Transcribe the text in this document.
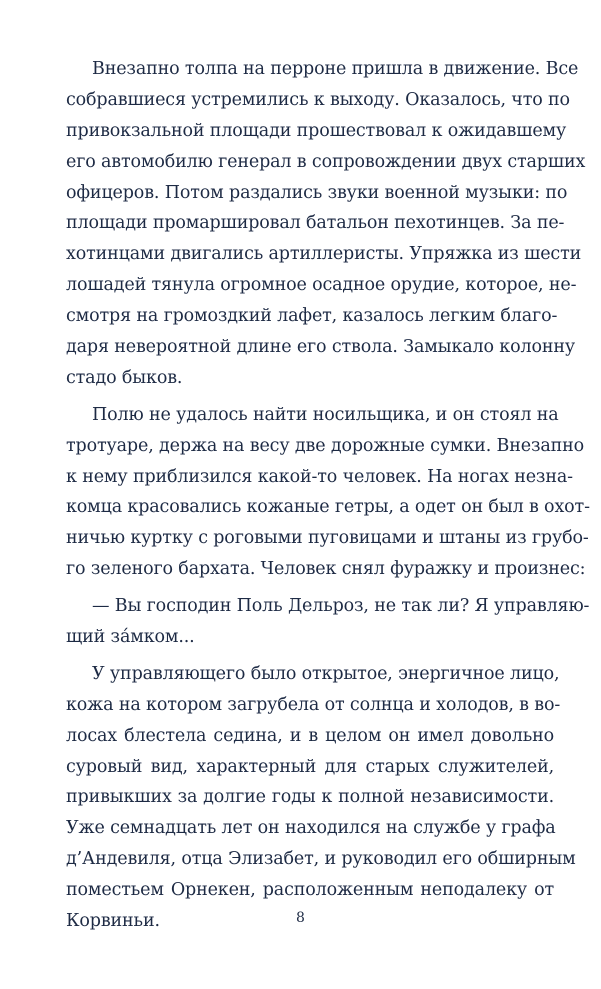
Внезапно толпа на перроне пришла в движение. Все
собравшиеся устремились к выходу. Оказалось, что по
привокзальной площади прошествовал к ожидавшему
его автомобилю генерал в сопровождении двух старших
офицеров. Потом раздались звуки военной музыки: по
площади промаршировал батальон пехотинцев. За пе-
хотинцами двигались артиллеристы. Упряжка из шести
лошадей тянула огромное осадное орудие, которое, не-
смотря на громоздкий лафет, казалось легким благо-
даря невероятной длине его ствола. Замыкало колонну
стадо быков.
Полю не удалось найти носильщика, и он стоял на
тротуаре, держа на весу две дорожные сумки. Внезапно
к нему приблизился какой-то человек. На ногах незна-
комца красовались кожаные гетры, а одет он был в охот-
ничью куртку с роговыми пуговицами и штаны из грубо-
го зеленого бархата. Человек снял фуражку и произнес:
— Вы господин Поль Дельроз, не так ли? Я управляю-
щий за́мком...
У управляющего было открытое, энергичное лицо,
кожа на котором загрубела от солнца и холодов, в во-
лосах блестела седина, и в целом он имел довольно
суровый вид, характерный для старых служителей,
привыкших за долгие годы к полной независимости.
Уже семнадцать лет он находился на службе у графа
д’Андевиля, отца Элизабет, и руководил его обширным
поместьем Орнекен, расположенным неподалеку от
Корвиньи.	8
